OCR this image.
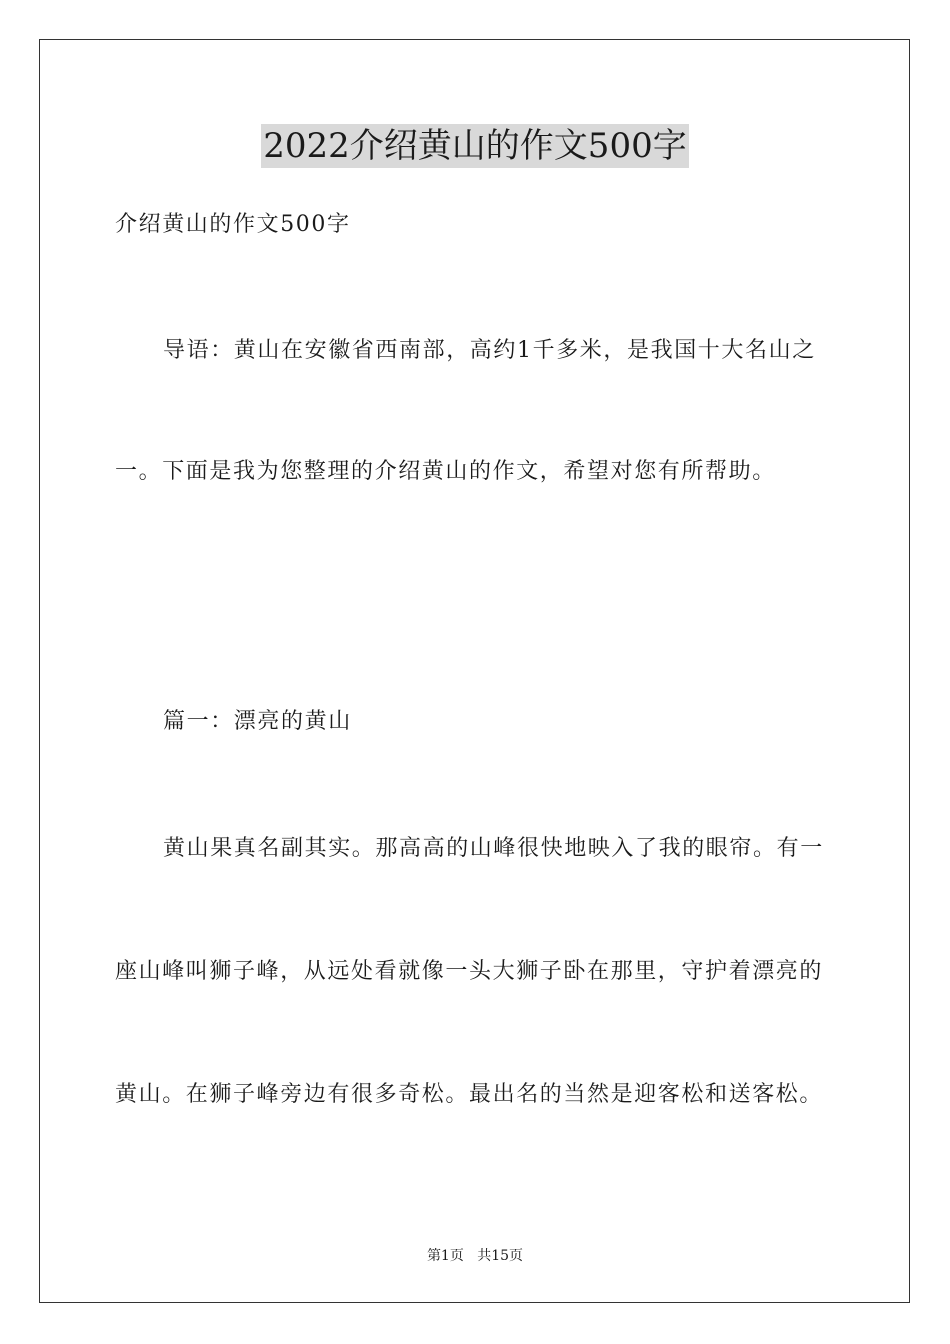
2022介绍黄山的作文500字
介绍黄山的作文500字
导语：黄山在安徽省西南部，高约1千多米，是我国十大名山之
一。下面是我为您整理的介绍黄山的作文，希望对您有所帮助。
篇一：漂亮的黄山
黄山果真名副其实。那高高的山峰很快地映入了我的眼帘。有一
座山峰叫狮子峰，从远处看就像一头大狮子卧在那里，守护着漂亮的
黄山。在狮子峰旁边有很多奇松。最出名的当然是迎客松和送客松。
第1页 共15页
